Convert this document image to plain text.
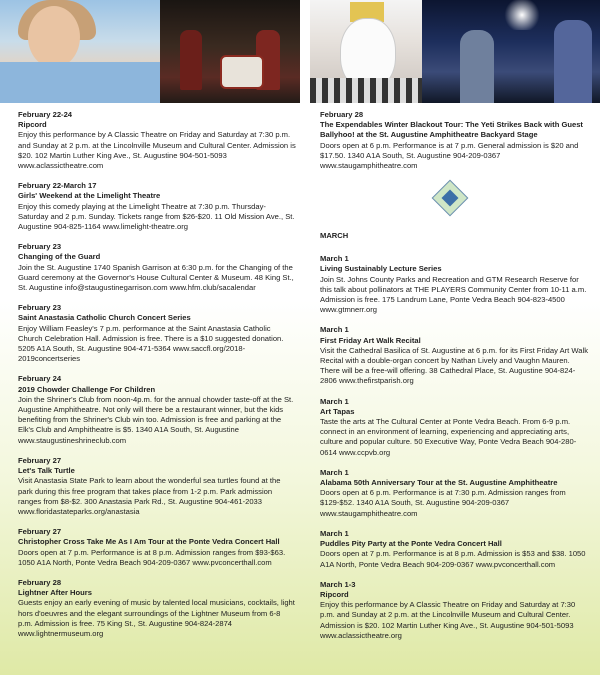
February 22-24
Ripcord
Enjoy this performance by A Classic Theatre on Friday and Saturday at 7:30 p.m. and Sunday at 2 p.m. at the Lincolnville Museum and Cultural Center. Admission is $20. 102 Martin Luther King Ave., St. Augustine 904-501-5093 www.aclassictheatre.com
February 22-March 17
Girls' Weekend at the Limelight Theatre
Enjoy this comedy playing at the Limelight Theatre at 7:30 p.m. Thursday-Saturday and 2 p.m. Sunday. Tickets range from $26-$20. 11 Old Mission Ave., St. Augustine 904-825-1164 www.limelight-theatre.org
February 23
Changing of the Guard
Join the St. Augustine 1740 Spanish Garrison at 6:30 p.m. for the Changing of the Guard ceremony at the Governor's House Cultural Center & Museum. 48 King St., St. Augustine info@staugustinegarrison.com www.hfm.club/sacalendar
February 23
Saint Anastasia Catholic Church Concert Series
Enjoy William Feasley's 7 p.m. performance at the Saint Anastasia Catholic Church Celebration Hall. Admission is free. There is a $10 suggested donation. 5205 A1A South, St. Augustine 904-471-5364 www.saccfl.org/2018-2019concertseries
February 24
2019 Chowder Challenge For Children
Join the Shriner's Club from noon-4p.m. for the annual chowder taste-off at the St. Augustine Amphitheatre. Not only will there be a restaurant winner, but the kids benefiting from the Shriner's Club win too. Admission is free and parking at the Elk's Club and Amphitheatre is $5. 1340 A1A South, St. Augustine www.staugustineshrineclub.com
February 27
Let's Talk Turtle
Visit Anastasia State Park to learn about the wonderful sea turtles found at the park during this free program that takes place from 1-2 p.m. Park admission ranges from $8-$2. 300 Anastasia Park Rd., St. Augustine 904-461-2033 www.floridastateparks.org/anastasia
February 27
Christopher Cross Take Me As I Am Tour at the Ponte Vedra Concert Hall
Doors open at 7 p.m. Performance is at 8 p.m. Admission ranges from $93-$63. 1050 A1A North, Ponte Vedra Beach 904-209-0367 www.pvconcerthall.com
February 28
Lightner After Hours
Guests enjoy an early evening of music by talented local musicians, cocktails, light hors d'oeuvres and the elegant surroundings of the Lightner Museum from 6-8 p.m. Admission is free. 75 King St., St. Augustine 904-824-2874 www.lightnermuseum.org
February 28
The Expendables Winter Blackout Tour: The Yeti Strikes Back with Guest Ballyhoo! at the St. Augustine Amphitheatre Backyard Stage
Doors open at 6 p.m. Performance is at 7 p.m. General admission is $20 and $17.50. 1340 A1A South, St. Augustine 904-209-0367 www.staugamphitheatre.com
MARCH
March 1
Living Sustainably Lecture Series
Join St. Johns County Parks and Recreation and GTM Research Reserve for this talk about pollinators at THE PLAYERS Community Center from 10-11 a.m. Admission is free. 175 Landrum Lane, Ponte Vedra Beach 904-823-4500 www.gtmnerr.org
March 1
First Friday Art Walk Recital
Visit the Cathedral Basilica of St. Augustine at 6 p.m. for its First Friday Art Walk Recital with a double-organ concert by Nathan Lively and Vaughn Mauren. There will be a free-will offering. 38 Cathedral Place, St. Augustine 904-824-2806 www.thefirstparish.org
March 1
Art Tapas
Taste the arts at The Cultural Center at Ponte Vedra Beach. From 6-9 p.m. connect in an environment of learning, experiencing and appreciating arts, culture and popular culture. 50 Executive Way, Ponte Vedra Beach 904-280-0614 www.ccpvb.org
March 1
Alabama 50th Anniversary Tour at the St. Augustine Amphitheatre
Doors open at 6 p.m. Performance is at 7:30 p.m. Admission ranges from $129-$52. 1340 A1A South, St. Augustine 904-209-0367 www.staugamphitheatre.com
March 1
Puddles Pity Party at the Ponte Vedra Concert Hall
Doors open at 7 p.m. Performance is at 8 p.m. Admission is $53 and $38. 1050 A1A North, Ponte Vedra Beach 904-209-0367 www.pvconcerthall.com
March 1-3
Ripcord
Enjoy this performance by A Classic Theatre on Friday and Saturday at 7:30 p.m. and Sunday at 2 p.m. at the Lincolnville Museum and Cultural Center. Admission is $20. 102 Martin Luther King Ave., St. Augustine 904-501-5093 www.aclassictheatre.org
